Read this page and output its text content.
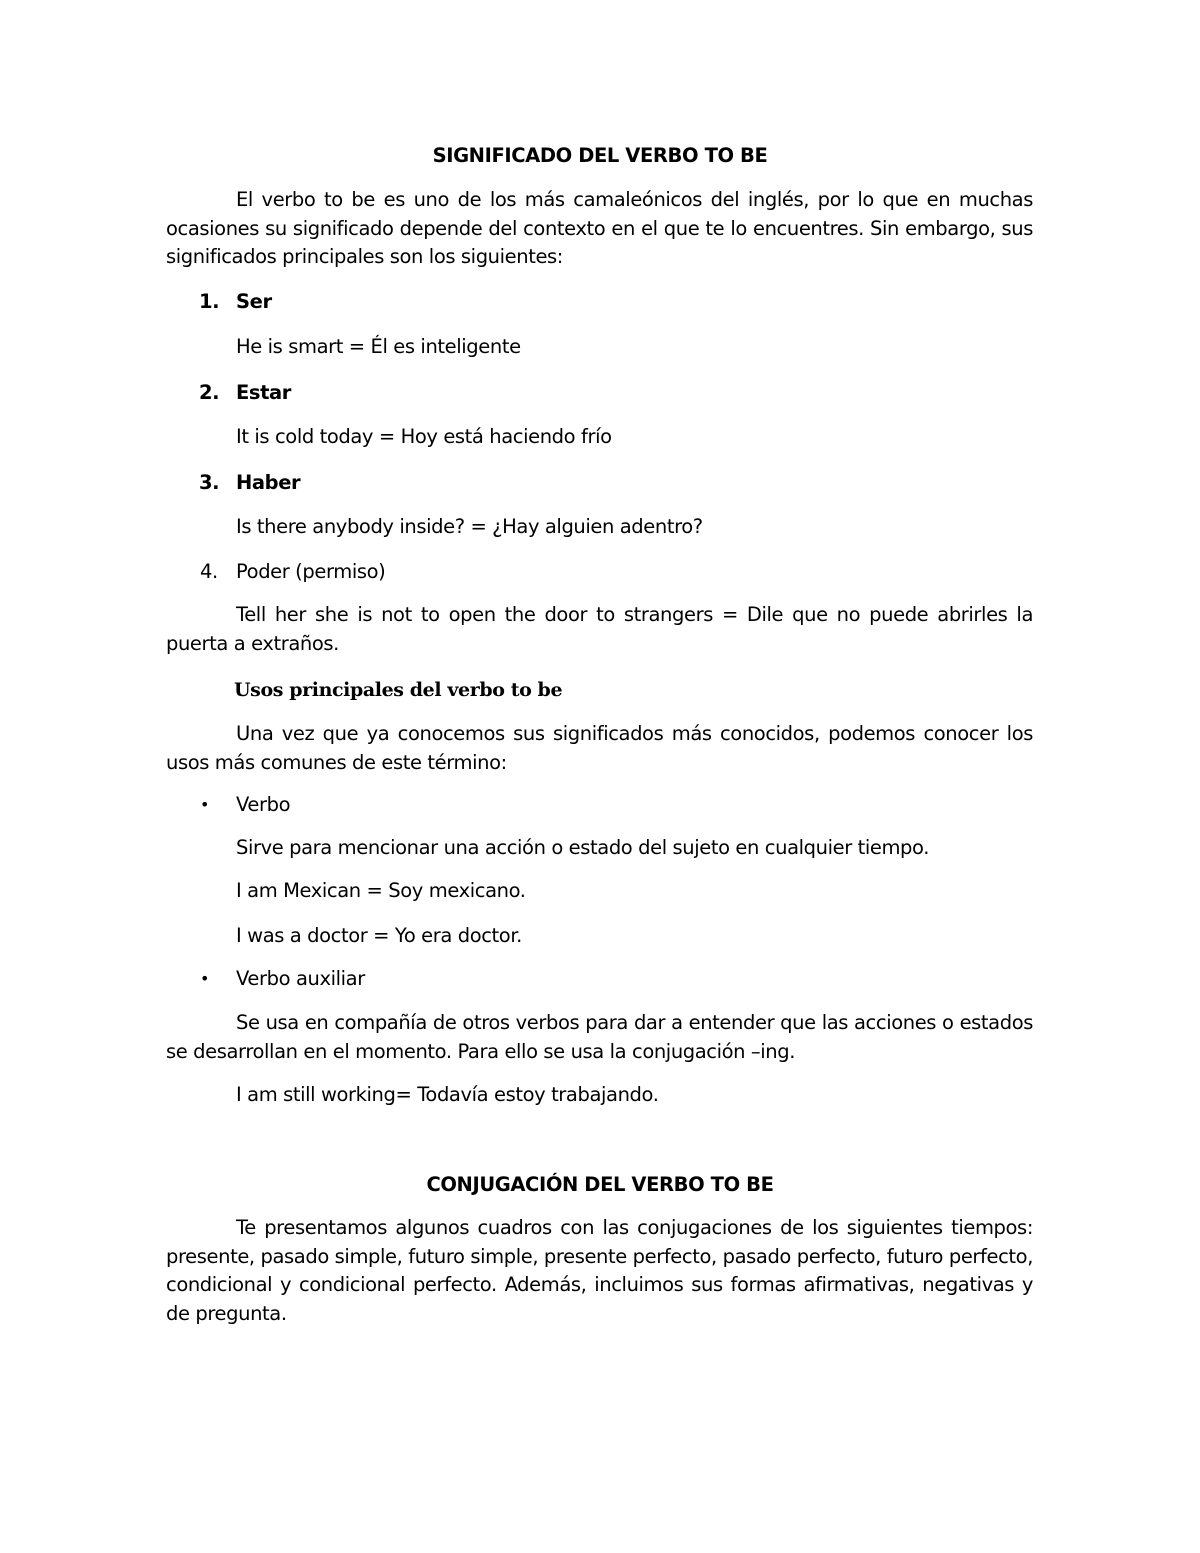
SIGNIFICADO DEL VERBO TO BE

El verbo to be es uno de los más camaleónicos del inglés, por lo que en muchas ocasiones su significado depende del contexto en el que te lo encuentres. Sin embargo, sus significados principales son los siguientes:

1. Ser
He is smart = Él es inteligente
2. Estar
It is cold today = Hoy está haciendo frío
3. Haber
Is there anybody inside? = ¿Hay alguien adentro?
4. Poder (permiso)

Tell her she is not to open the door to strangers = Dile que no puede abrirles la puerta a extraños.

Usos principales del verbo to be

Una vez que ya conocemos sus significados más conocidos, podemos conocer los usos más comunes de este término:

• Verbo
Sirve para mencionar una acción o estado del sujeto en cualquier tiempo.
I am Mexican = Soy mexicano.
I was a doctor = Yo era doctor.
• Verbo auxiliar

Se usa en compañía de otros verbos para dar a entender que las acciones o estados se desarrollan en el momento. Para ello se usa la conjugación –ing.

I am still working= Todavía estoy trabajando.
CONJUGACIÓN DEL VERBO TO BE

Te presentamos algunos cuadros con las conjugaciones de los siguientes tiempos: presente, pasado simple, futuro simple, presente perfecto, pasado perfecto, futuro perfecto, condicional y condicional perfecto. Además, incluimos sus formas afirmativas, negativas y de pregunta.
